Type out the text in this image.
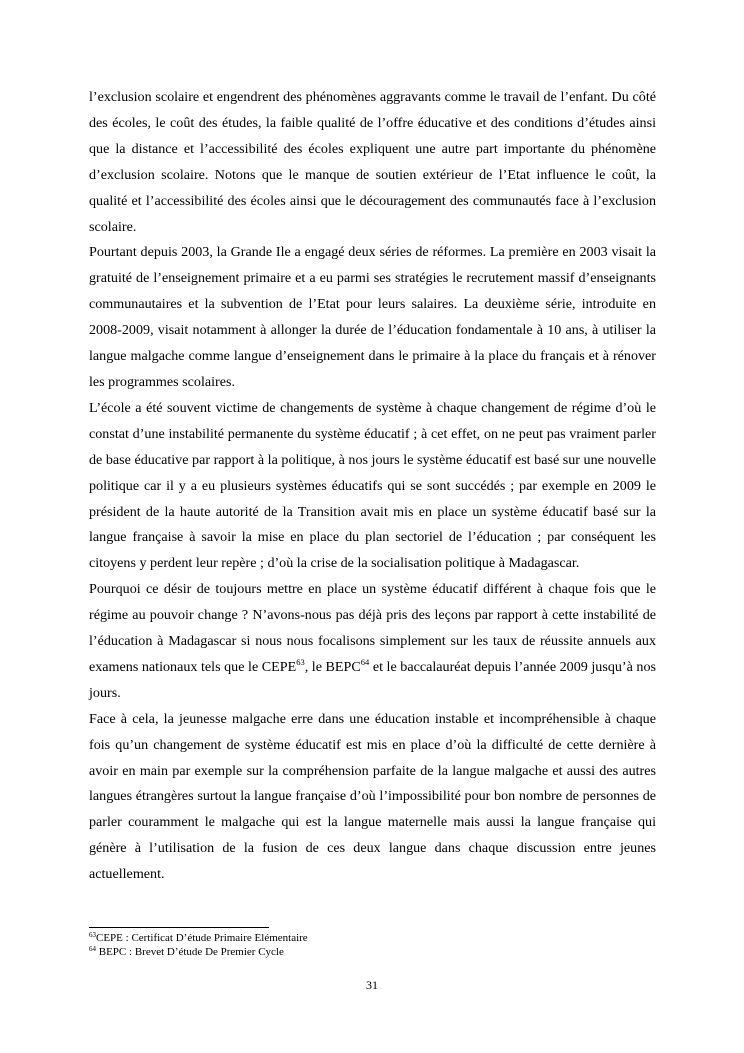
l’exclusion scolaire et engendrent des phénomènes aggravants comme le travail de l’enfant. Du côté des écoles, le coût des études, la faible qualité de l’offre éducative et des conditions d’études ainsi que la distance et l’accessibilité des écoles expliquent une autre part importante du phénomène d’exclusion scolaire. Notons que le manque de soutien extérieur de l’Etat influence le coût, la qualité et l’accessibilité des écoles ainsi que le découragement des communautés face à l’exclusion scolaire.

Pourtant depuis 2003, la Grande Ile a engagé deux séries de réformes. La première en 2003 visait la gratuité de l’enseignement primaire et a eu parmi ses stratégies le recrutement massif d’enseignants communautaires et la subvention de l’Etat pour leurs salaires. La deuxième série, introduite en 2008-2009, visait notamment à allonger la durée de l’éducation fondamentale à 10 ans, à utiliser la langue malgache comme langue d’enseignement dans le primaire à la place du français et à rénover les programmes scolaires.

L’école a été souvent victime de changements de système à chaque changement de régime d’où le constat d’une instabilité permanente du système éducatif ; à cet effet, on ne peut pas vraiment parler de base éducative par rapport à la politique, à nos jours le système éducatif est basé sur une nouvelle politique car il y a eu plusieurs systèmes éducatifs qui se sont succédés ; par exemple en 2009 le président de la haute autorité de la Transition avait mis en place un système éducatif basé sur la langue française à savoir la mise en place du plan sectoriel de l’éducation ; par conséquent les citoyens y perdent leur repère ; d’où la crise de la socialisation politique à Madagascar.

Pourquoi ce désir de toujours mettre en place un système éducatif différent à chaque fois que le régime au pouvoir change ? N’avons-nous pas déjà pris des leçons par rapport à cette instabilité de l’éducation à Madagascar si nous nous focalisons simplement sur les taux de réussite annuels aux examens nationaux tels que le CEPE$^{63}$, le BEPC$^{64}$ et le baccalauréat depuis l’année 2009 jusqu’à nos jours.

Face à cela, la jeunesse malgache erre dans une éducation instable et incompréhensible à chaque fois qu’un changement de système éducatif est mis en place d’où la difficulté de cette dernière à avoir en main par exemple sur la compréhension parfaite de la langue malgache et aussi des autres langues étrangères surtout la langue française d’où l’impossibilité pour bon nombre de personnes de parler couramment le malgache qui est la langue maternelle mais aussi la langue française qui génère à l’utilisation de la fusion de ces deux langue dans chaque discussion entre jeunes actuellement.

$^{63}$CEPE : Certificat D’étude Primaire Elémentaire

$^{64}$ BEPC : Brevet D’étude De Premier Cycle

31
